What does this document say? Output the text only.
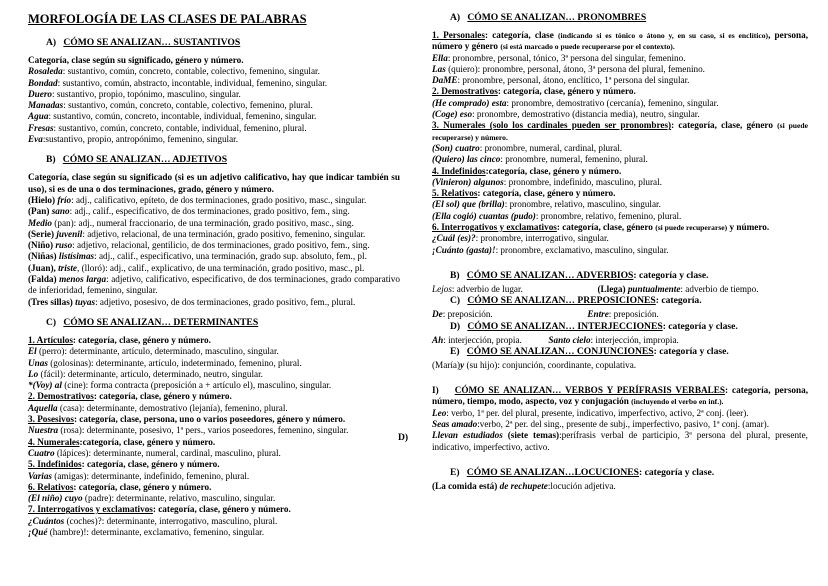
MORFOLOGÍA DE LAS CLASES DE PALABRAS
A) CÓMO SE ANALIZAN… SUSTANTIVOS
Categoría, clase según su significado, género y número.
Rosaleda: sustantivo, común, concreto, contable, colectivo, femenino, singular.
Bondad: sustantivo, común, abstracto, incontable, individual, femenino, singular.
Duero: sustantivo, propio, topónimo, masculino, singular.
Manadas: sustantivo, común, concreto, contable, colectivo, femenino, plural.
Agua: sustantivo, común, concreto, incontable, individual, femenino, singular.
Fresas: sustantivo, común, concreto, contable, individual, femenino, plural.
Eva:sustantivo, propio, antropónimo, femenino, singular.
B) CÓMO SE ANALIZAN… ADJETIVOS
Categoría, clase según su significado (si es un adjetivo calificativo, hay que indicar también su uso), si es de una o dos terminaciones, grado, género y número.
(Hielo) frío: adj., calificativo, epíteto, de dos terminaciones, grado positivo, masc., singular.
(Pan) sano: adj., calif., especificativo, de dos terminaciones, grado positivo, fem., sing.
Medio (pan): adj., numeral fraccionario, de una terminación, grado positivo, masc., sing.
(Serie) juvenil: adjetivo, relacional, de una terminación, grado positivo, femenino, singular.
(Niño) ruso: adjetivo, relacional, gentilicio, de dos terminaciones, grado positivo, fem., sing.
(Niñas) listísimas: adj., calif., especificativo, una terminación, grado sup. absoluto, fem., pl.
(Juan), triste, (lloró): adj., calif., explicativo, de una terminación, grado positivo, masc., pl.
(Falda) menos larga: adjetivo, calificativo, especificativo, de dos terminaciones, grado comparativo de inferioridad, femenino, singular.
(Tres sillas) tuyas: adjetivo, posesivo, de dos terminaciones, grado positivo, fem., plural.
C) CÓMO SE ANALIZAN… DETERMINANTES
1. Artículos: categoría, clase, género y número.
El (perro): determinante, artículo, determinado, masculino, singular.
Unas (golosinas): determinante, artículo, indeterminado, femenino, plural.
Lo (fácil): determinante, artículo, determinado, neutro, singular.
*(Voy) al (cine): forma contracta (preposición a + artículo el), masculino, singular.
2. Demostrativos: categoría, clase, género y número.
Aquella (casa): determinante, demostrativo (lejanía), femenino, plural.
3. Posesivos: categoría, clase, persona, uno o varios poseedores, género y número.
Nuestra (rosa): determinante, posesivo, 1ª pers., varios poseedores, femenino, singular.
4. Numerales:categoría, clase, género y número.
Cuatro (lápices): determinante, numeral, cardinal, masculino, plural.
5. Indefinidos: categoría, clase, género y número.
Varias (amigas): determinante, indefinido, femenino, plural.
6. Relativos: categoría, clase, género y número.
(El niño) cuyo (padre): determinante, relativo, masculino, singular.
7. Interrogativos y exclamativos: categoría, clase, género y número.
¿Cuántos (coches)?: determinante, interrogativo, masculino, plural.
¡Qué (hambre)!: determinante, exclamativo, femenino, singular.
D)
A) CÓMO SE ANALIZAN… PRONOMBRES
1. Personales: categoría, clase (indicando si es tónico o átono y, en su caso, si es enclítico), persona, número y género (si está marcado o puede recuperarse por el contexto).
Ella: pronombre, personal, tónico, 3ª persona del singular, femenino.
Las (quiero): pronombre, personal, átono, 3ª persona del plural, femenino.
DaME: pronombre, personal, átono, enclítico, 1ª persona del singular.
2. Demostrativos: categoría, clase, género y número.
(He comprado) esta: pronombre, demostrativo (cercanía), femenino, singular.
(Coge) eso: pronombre, demostrativo (distancia media), neutro, singular.
3. Numerales (solo los cardinales pueden ser pronombres): categoría, clase, género (si puede recuperarse) y número.
(Son) cuatro: pronombre, numeral, cardinal, plural.
(Quiero) las cinco: pronombre, numeral, femenino, plural.
4. Indefinidos:categoría, clase, género y número.
(Vinieron) algunos: pronombre, indefinido, masculino, plural.
5. Relativos: categoría, clase, género y número.
(El sol) que (brilla): pronombre, relativo, masculino, singular.
(Ella cogió) cuantas (pudo): pronombre, relativo, femenino, plural.
6. Interrogativos y exclamativos: categoría, clase, género (si puede recuperarse) y número.
¿Cuál (es)?: pronombre, interrogativo, singular.
¡Cuánto (gasta)!: pronombre, exclamativo, masculino, singular.
B) CÓMO SE ANALIZAN… ADVERBIOS: categoría y clase.
Lejos: adverbio de lugar.	(Llega) puntualmente: adverbio de tiempo.
C) CÓMO SE ANALIZAN… PREPOSICIONES: categoría.
De: preposición.	Entre: preposición.
D) CÓMO SE ANALIZAN… INTERJECCIONES: categoría y clase.
Ah: interjección, propia.	Santo cielo: interjección, impropia.
E) CÓMO SE ANALIZAN… CONJUNCIONES: categoría y clase.
(María)y (su hijo): conjunción, coordinante, copulativa.
I) CÓMO SE ANALIZAN… VERBOS Y PERÍFRASIS VERBALES: categoría, persona, número, tiempo, modo, aspecto, voz y conjugación (incluyendo el verbo en inf.).
Leo: verbo, 1ª per. del plural, presente, indicativo, imperfectivo, activo, 2ª conj. (leer).
Seas amado:verbo, 2ª per. del sing., presente de subj., imperfectivo, pasivo, 1ª conj. (amar).
Llevan estudiados (siete temas):perífrasis verbal de participio, 3ª persona del plural, presente, indicativo, imperfectivo, activo.
E) CÓMO SE ANALIZAN…LOCUCIONES: categoría y clase.
(La comida está) de rechupete:locución adjetiva.
